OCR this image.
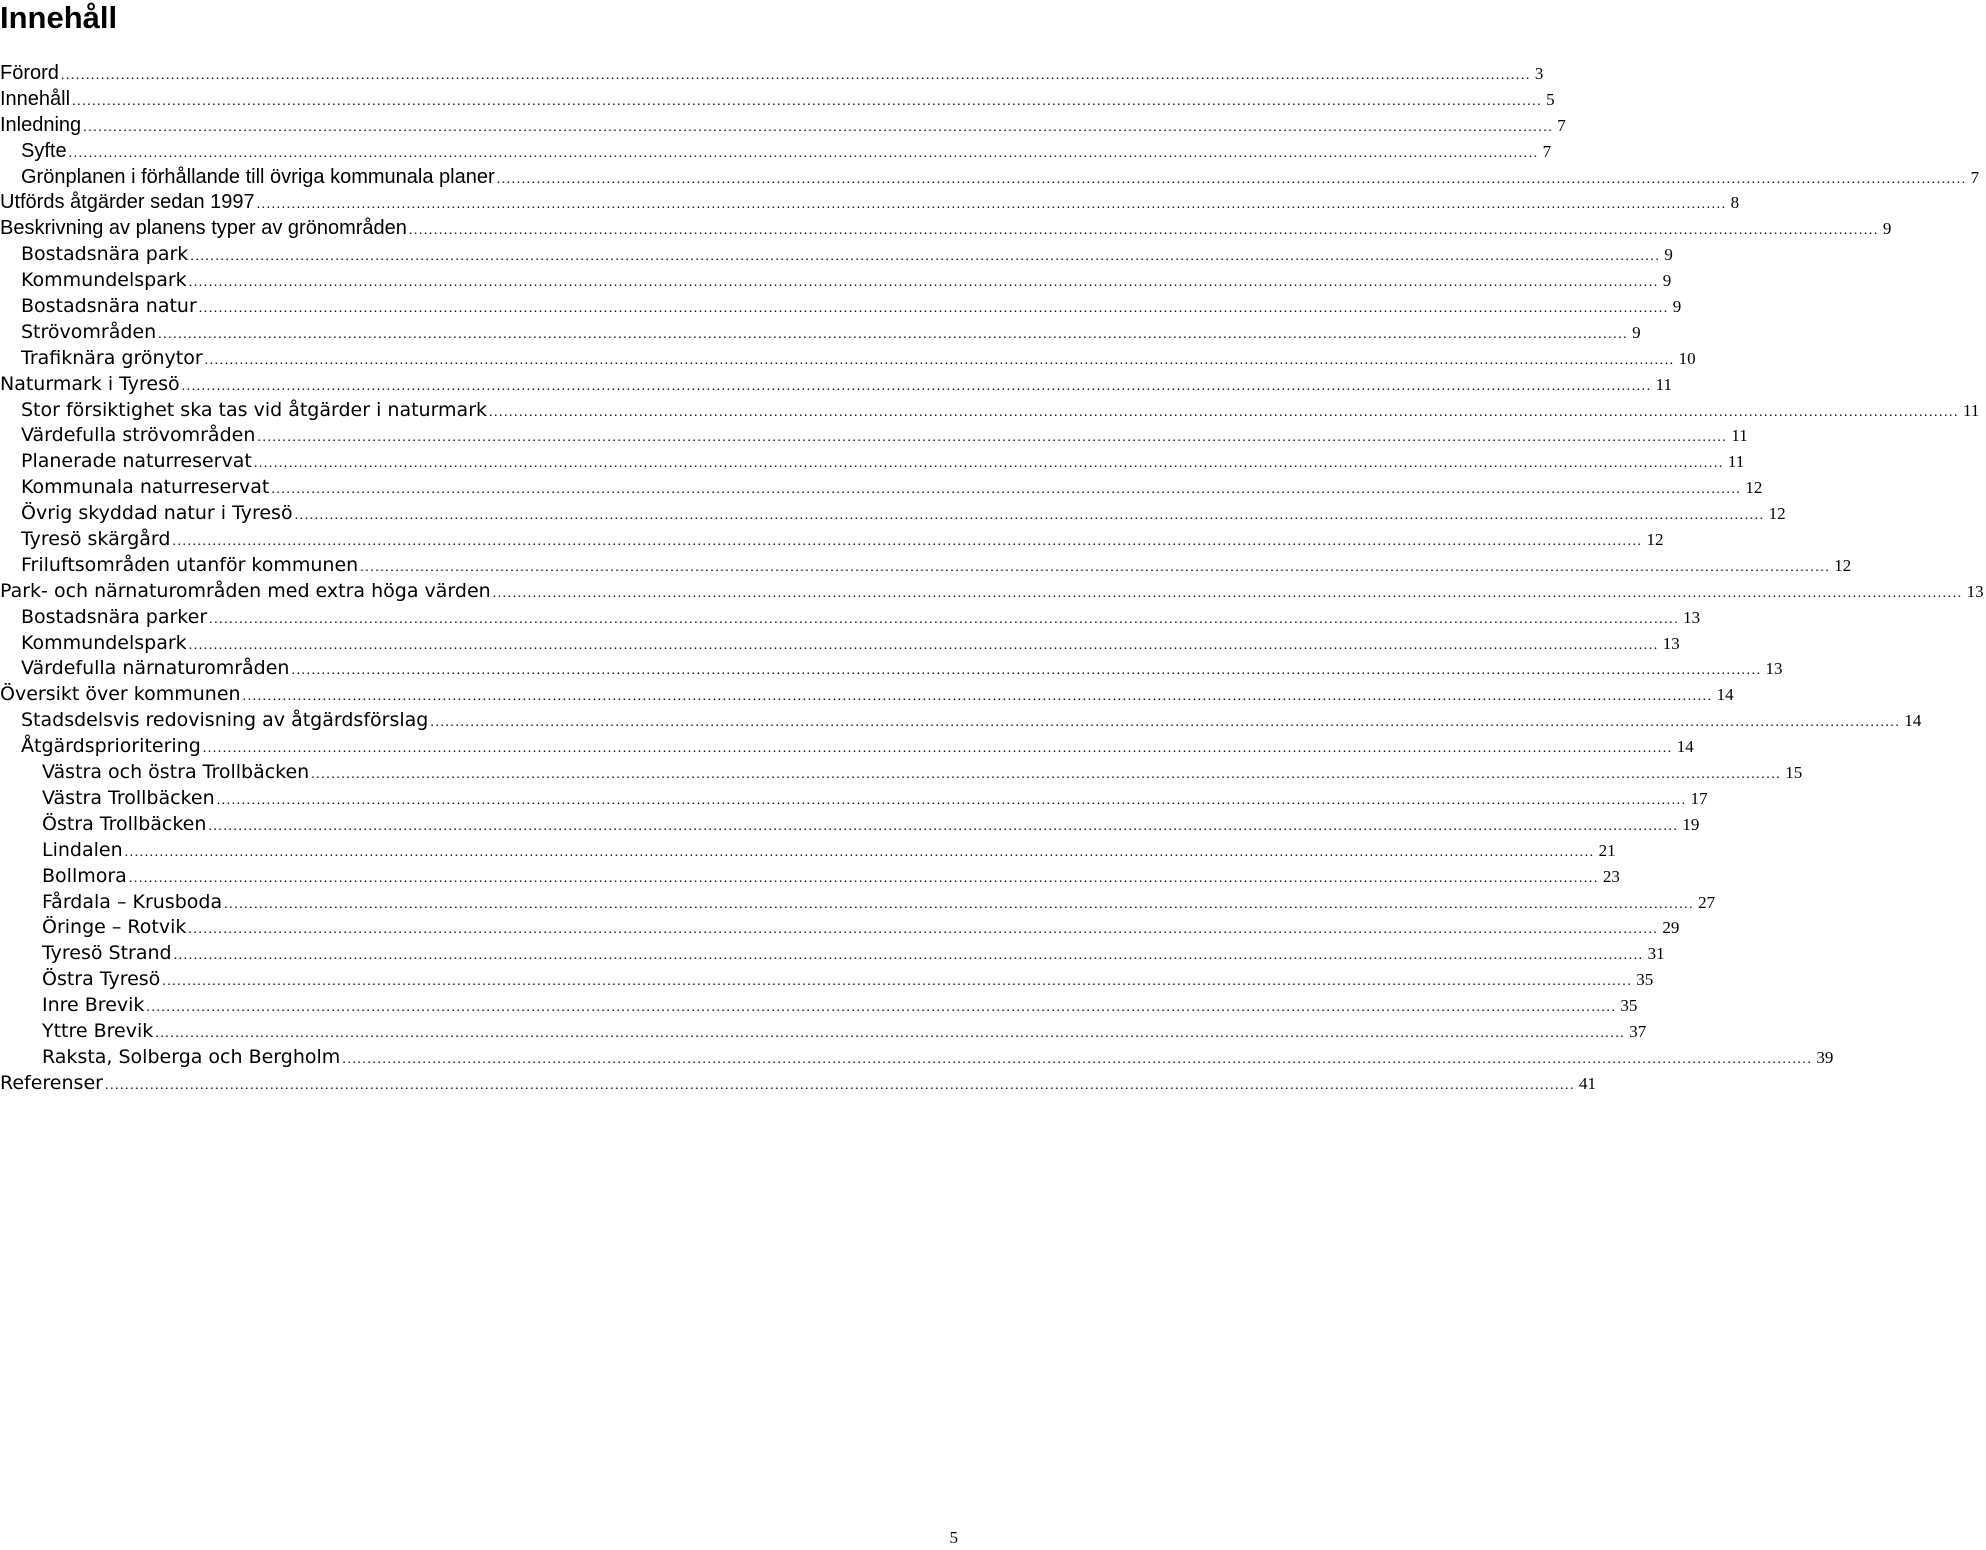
Innehåll
Förord ...................................................................................................................................................................................................................................................................................................... 3
Innehåll ...................................................................................................................................................................................................................................................................................................... 5
Inledning ...................................................................................................................................................................................................................................................................................................... 7
Syfte ...................................................................................................................................................................................................................................................................................................... 7
Grönplanen i förhållande till övriga kommunala planer ...................................................................................................................................................................................................................................................................................................... 7
Utförds åtgärder sedan 1997 ...................................................................................................................................................................................................................................................................................................... 8
Beskrivning av planens typer av grönområden ...................................................................................................................................................................................................................................................................................................... 9
Bostadsnära park ...................................................................................................................................................................................................................................................................................................... 9
Kommundelspark ...................................................................................................................................................................................................................................................................................................... 9
Bostadsnära natur ...................................................................................................................................................................................................................................................................................................... 9
Strövområden ...................................................................................................................................................................................................................................................................................................... 9
Trafiknära grönytor ...................................................................................................................................................................................................................................................................................................... 10
Naturmark i Tyresö ...................................................................................................................................................................................................................................................................................................... 11
Stor försiktighet ska tas vid åtgärder i naturmark ...................................................................................................................................................................................................................................................................................................... 11
Värdefulla strövområden ...................................................................................................................................................................................................................................................................................................... 11
Planerade naturreservat ...................................................................................................................................................................................................................................................................................................... 11
Kommunala naturreservat ...................................................................................................................................................................................................................................................................................................... 12
Övrig skyddad natur i Tyresö ...................................................................................................................................................................................................................................................................................................... 12
Tyresö skärgård ...................................................................................................................................................................................................................................................................................................... 12
Friluftsområden utanför kommunen ...................................................................................................................................................................................................................................................................................................... 12
Park- och närnaturområden med extra höga värden ...................................................................................................................................................................................................................................................................................................... 13
Bostadsnära parker ...................................................................................................................................................................................................................................................................................................... 13
Kommundelspark ...................................................................................................................................................................................................................................................................................................... 13
Värdefulla närnaturområden ...................................................................................................................................................................................................................................................................................................... 13
Översikt över kommunen ...................................................................................................................................................................................................................................................................................................... 14
Stadsdelsvis redovisning av åtgärdsförslag ...................................................................................................................................................................................................................................................................................................... 14
Åtgärdsprioritering ...................................................................................................................................................................................................................................................................................................... 14
Västra och östra Trollbäcken ...................................................................................................................................................................................................................................................................................................... 15
Västra Trollbäcken ...................................................................................................................................................................................................................................................................................................... 17
Östra Trollbäcken ...................................................................................................................................................................................................................................................................................................... 19
Lindalen ...................................................................................................................................................................................................................................................................................................... 21
Bollmora ...................................................................................................................................................................................................................................................................................................... 23
Fårdala – Krusboda ...................................................................................................................................................................................................................................................................................................... 27
Öringe – Rotvik ...................................................................................................................................................................................................................................................................................................... 29
Tyresö Strand ...................................................................................................................................................................................................................................................................................................... 31
Östra Tyresö ...................................................................................................................................................................................................................................................................................................... 35
Inre Brevik ...................................................................................................................................................................................................................................................................................................... 35
Yttre Brevik ...................................................................................................................................................................................................................................................................................................... 37
Raksta, Solberga och Bergholm ...................................................................................................................................................................................................................................................................................................... 39
Referenser ...................................................................................................................................................................................................................................................................................................... 41
5
